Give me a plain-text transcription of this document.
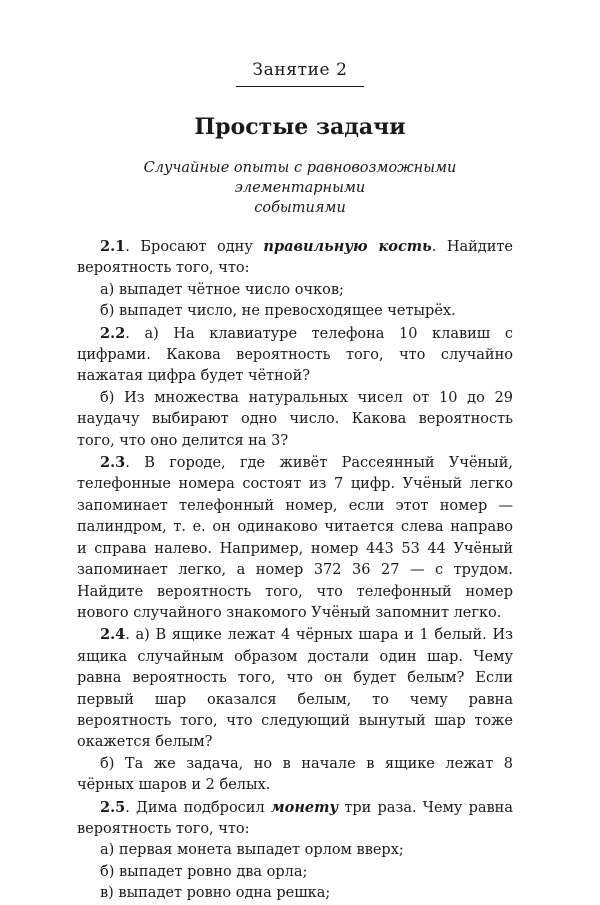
Занятие 2
Простые задачи
Случайные опыты с равновозможными элементарными
событиями

2.1. Бросают одну правильную кость. Найдите вероятность того, что:

а) выпадет чётное число очков;

б) выпадет число, не превосходящее четырёх.

2.2. а) На клавиатуре телефона 10 клавиш с цифрами. Какова вероятность того, что случайно нажатая цифра будет чётной?

б) Из множества натуральных чисел от 10 до 29 наудачу выбирают одно число. Какова вероятность того, что оно делится на 3?

2.3. В городе, где живёт Рассеянный Учёный, телефонные номера состоят из 7 цифр. Учёный легко запоминает телефонный номер, если этот номер — палиндром, т. е. он одинаково читается слева направо и справа налево. Например, номер 443 53 44 Учёный запоминает легко, а номер 372 36 27 — с трудом. Найдите вероятность того, что телефонный номер нового случайного знакомого Учёный запомнит легко.

2.4. а) В ящике лежат 4 чёрных шара и 1 белый. Из ящика случайным образом достали один шар. Чему равна вероятность того, что он будет белым? Если первый шар оказался белым, то чему равна вероятность того, что следующий вынутый шар тоже окажется белым?

б) Та же задача, но в начале в ящике лежат 8 чёрных шаров и 2 белых.

2.5. Дима подбросил монету три раза. Чему равна вероятность того, что:

а) первая монета выпадет орлом вверх;

б) выпадет ровно два орла;

в) выпадет ровно одна решка;
